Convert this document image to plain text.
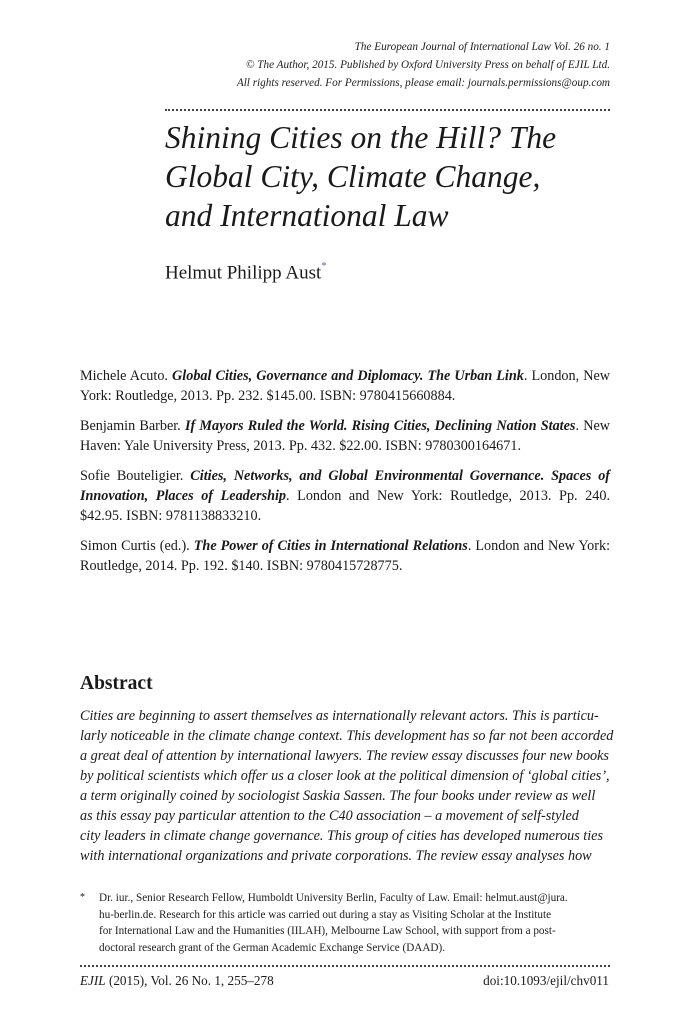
The European Journal of International Law Vol. 26 no. 1
© The Author, 2015. Published by Oxford University Press on behalf of EJIL Ltd.
All rights reserved. For Permissions, please email: journals.permissions@oup.com
Shining Cities on the Hill? The
Global City, Climate Change,
and International Law
Helmut Philipp Aust*

Michele Acuto. Global Cities, Governance and Diplomacy. The Urban Link. London, New York: Routledge, 2013. Pp. 232. $145.00. ISBN: 9780415660884.

Benjamin Barber. If Mayors Ruled the World. Rising Cities, Declining Nation States. New Haven: Yale University Press, 2013. Pp. 432. $22.00. ISBN: 9780300164671.

Sofie Bouteligier. Cities, Networks, and Global Environmental Governance. Spaces of Innovation, Places of Leadership. London and New York: Routledge, 2013. Pp. 240. $42.95. ISBN: 9781138833210.

Simon Curtis (ed.). The Power of Cities in International Relations. London and New York: Routledge, 2014. Pp. 192. $140. ISBN: 9780415728775.

Abstract
Cities are beginning to assert themselves as internationally relevant actors. This is particu-
larly noticeable in the climate change context. This development has so far not been accorded
a great deal of attention by international lawyers. The review essay discusses four new books
by political scientists which offer us a closer look at the political dimension of ‘global cities’,
a term originally coined by sociologist Saskia Sassen. The four books under review as well
as this essay pay particular attention to the C40 association – a movement of self-styled
city leaders in climate change governance. This group of cities has developed numerous ties
with international organizations and private corporations. The review essay analyses how
* Dr. iur., Senior Research Fellow, Humboldt University Berlin, Faculty of Law. Email: helmut.aust@jura.
hu-berlin.de. Research for this article was carried out during a stay as Visiting Scholar at the Institute
for International Law and the Humanities (IILAH), Melbourne Law School, with support from a post-
doctoral research grant of the German Academic Exchange Service (DAAD).
EJIL (2015), Vol. 26 No. 1, 255–278	doi:10.1093/ejil/chv011
